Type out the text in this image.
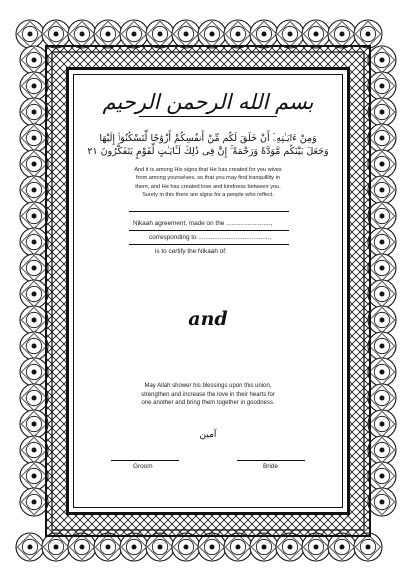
بسم الله الرحمن الرحيم
وَمِنْ ءَايَـٰتِهِۦٓ أَنْ خَلَقَ لَكُم مِّنْ أَنفُسِكُمْ أَزْوَٰجًا لِّتَسْكُنُوٓا۟ إِلَيْهَا وَجَعَلَ بَيْنَكُم مَّوَدَّةً وَرَحْمَةً ۚ إِنَّ فِى ذَٰلِكَ لَـَٔايَـٰتٍ لِّقَوْمٍ يَتَفَكَّرُونَ ٢١
And it is among His signs that He has created for you wives
from among yourselves, so that you may find tranquillity in
them, and He has created love and kindness between you.
Surely in this there are signs for a people who reflect.
Nikaah agreement, made on the .........................,
corresponding to ........................................,
is to certify the Nikaah of:
and
May Allah shower his blessings upon this union,
strengthen and increase the love in their hearts for
one another and bring them together in goodness.
آمين
Groom	Bride
